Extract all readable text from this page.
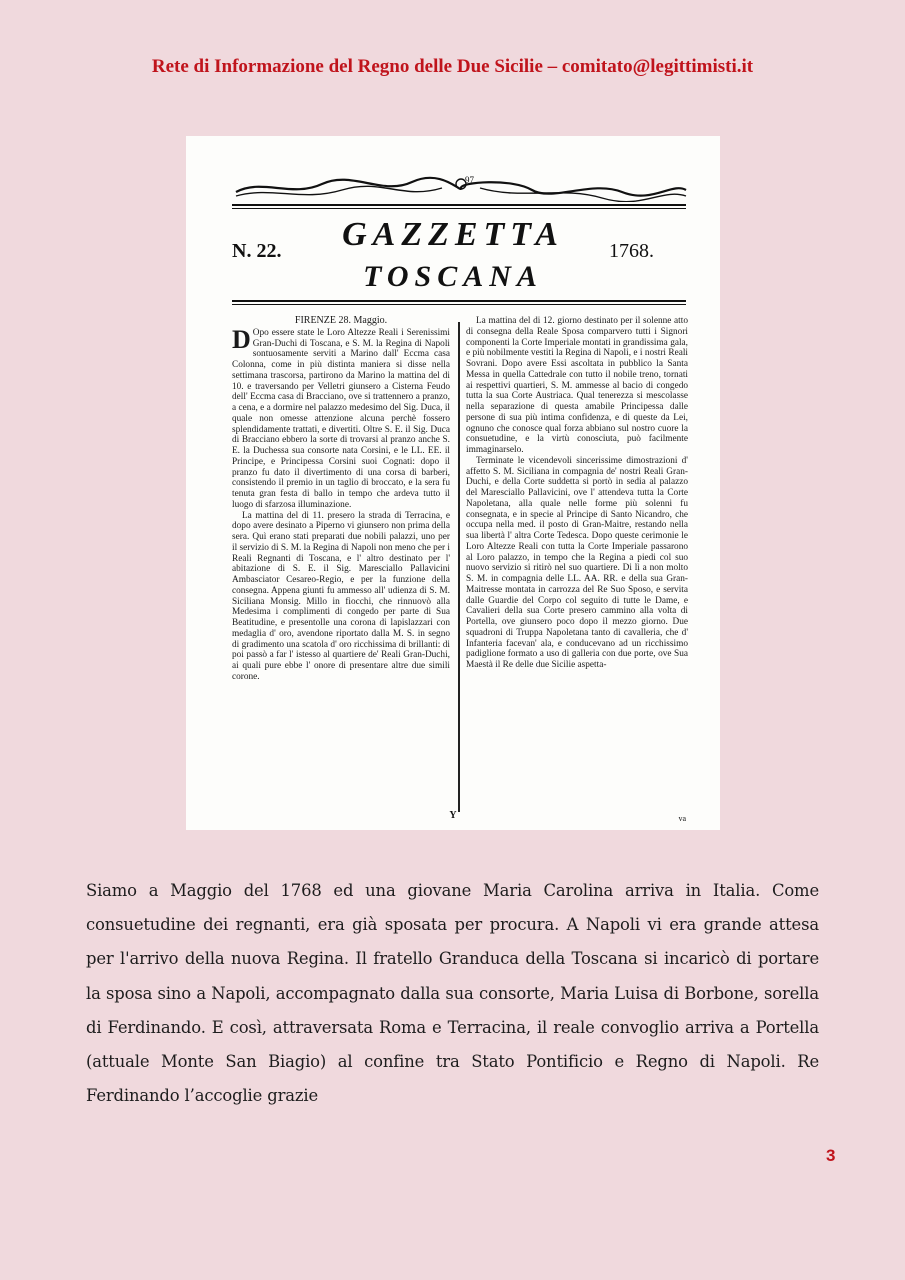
Rete di Informazione del Regno delle Due Sicilie – comitato@legittimisti.it
97
N. 22.	GAZZETTA	1768.
TOSCANA
FIRENZE 28. Maggio.

D Opo essere state le Loro Altezze Reali i Serenissimi Gran-Duchi di Toscana, e S. M. la Regina di Napoli sontuosamente serviti a Marino dall' Eccma casa Colonna, come in più distinta maniera si disse nella settimana trascorsa, partirono da Marino la mattina del di 10. e traversando per Velletri giunsero a Cisterna Feudo dell' Eccma casa di Bracciano, ove si trattennero a pranzo, a cena, e a dormire nel palazzo medesimo del Sig. Duca, il quale non omesse attenzione alcuna perchè fossero splendidamente trattati, e divertiti. Oltre S. E. il Sig. Duca di Bracciano ebbero la sorte di trovarsi al pranzo anche S. E. la Duchessa sua consorte nata Corsini, e le LL. EE. il Principe, e Principessa Corsini suoi Cognati: dopo il pranzo fu dato il divertimento di una corsa di barberi, consistendo il premio in un taglio di broccato, e la sera fu tenuta gran festa di ballo in tempo che ardeva tutto il luogo di sfarzosa illuminazione.

La mattina del di 11. presero la strada di Terracina, e dopo avere desinato a Piperno vi giunsero non prima della sera. Quì erano stati preparati due nobili palazzi, uno per il servizio di S. M. la Regina di Napoli non meno che per i Reali Regnanti di Toscana, e l' altro destinato per l' abitazione di S. E. il Sig. Maresciallo Pallavicini Ambasciator Cesareo-Regio, e per la funzione della consegna. Appena giunti fu ammesso all' udienza di S. M. Siciliana Monsig. Millo in fiocchi, che rinnuovò alla Medesima i complimenti di congedo per parte di Sua Beatitudine, e presentolle una corona di lapislazzari con medaglia d' oro, avendone riportato dalla M. S. in segno di gradimento una scatola d' oro ricchissima di brillanti: di poi passò a far l' istesso al quartiere de' Reali Gran-Duchi, ai quali pure ebbe l' onore di presentare altre due simili corone.

La mattina del di 12. giorno destinato per il solenne atto di consegna della Reale Sposa comparvero tutti i Signori componenti la Corte Imperiale montati in grandissima gala, e più nobilmente vestiti la Regina di Napoli, e i nostri Reali Sovrani. Dopo avere Essi ascoltata in pubblico la Santa Messa in quella Cattedrale con tutto il nobile treno, tornati ai respettivi quartieri, S. M. ammesse al bacio di congedo tutta la sua Corte Austriaca. Qual tenerezza si mescolasse nella separazione di questa amabile Principessa dalle persone di sua più intima confidenza, e di queste da Lei, ognuno che conosce qual forza abbiano sul nostro cuore la consuetudine, e la virtù conosciuta, può facilmente immaginarselo.

Terminate le vicendevoli sincerissime dimostrazioni d' affetto S. M. Siciliana in compagnia de' nostri Reali Gran-Duchi, e della Corte suddetta si portò in sedia al palazzo del Maresciallo Pallavicini, ove l' attendeva tutta la Corte Napoletana, alla quale nelle forme più solenni fu consegnata, e in specie al Principe di Santo Nicandro, che occupa nella med. il posto di Gran-Maitre, restando nella sua libertà l' altra Corte Tedesca. Dopo queste cerimonie le Loro Altezze Reali con tutta la Corte Imperiale passarono al Loro palazzo, in tempo che la Regina a piedi col suo nuovo servizio si ritirò nel suo quartiere. Di lì a non molto S. M. in compagnia delle LL. AA. RR. e della sua Gran-Maitresse montata in carrozza del Re Suo Sposo, e servita dalle Guardie del Corpo col seguito di tutte le Dame, e Cavalieri della sua Corte presero cammino alla volta di Portella, ove giunsero poco dopo il mezzo giorno. Due squadroni di Truppa Napoletana tanto di cavalleria, che d' Infanteria facevan' ala, e conducevano ad un ricchissimo padiglione formato a uso di galleria con due porte, ove Sua Maestà il Re delle due Sicilie aspetta-

Y	va
Siamo a Maggio del 1768 ed una giovane Maria Carolina arriva in Italia. Come consuetudine dei regnanti, era già sposata per procura. A Napoli vi era grande attesa per l'arrivo della nuova Regina. Il fratello Granduca della Toscana si incaricò di portare la sposa sino a Napoli, accompagnato dalla sua consorte, Maria Luisa di Borbone, sorella di Ferdinando. E così, attraversata Roma e Terracina, il reale convoglio arriva a Portella (attuale Monte San Biagio) al confine tra Stato Pontificio e Regno di Napoli. Re Ferdinando l’accoglie grazie
3
